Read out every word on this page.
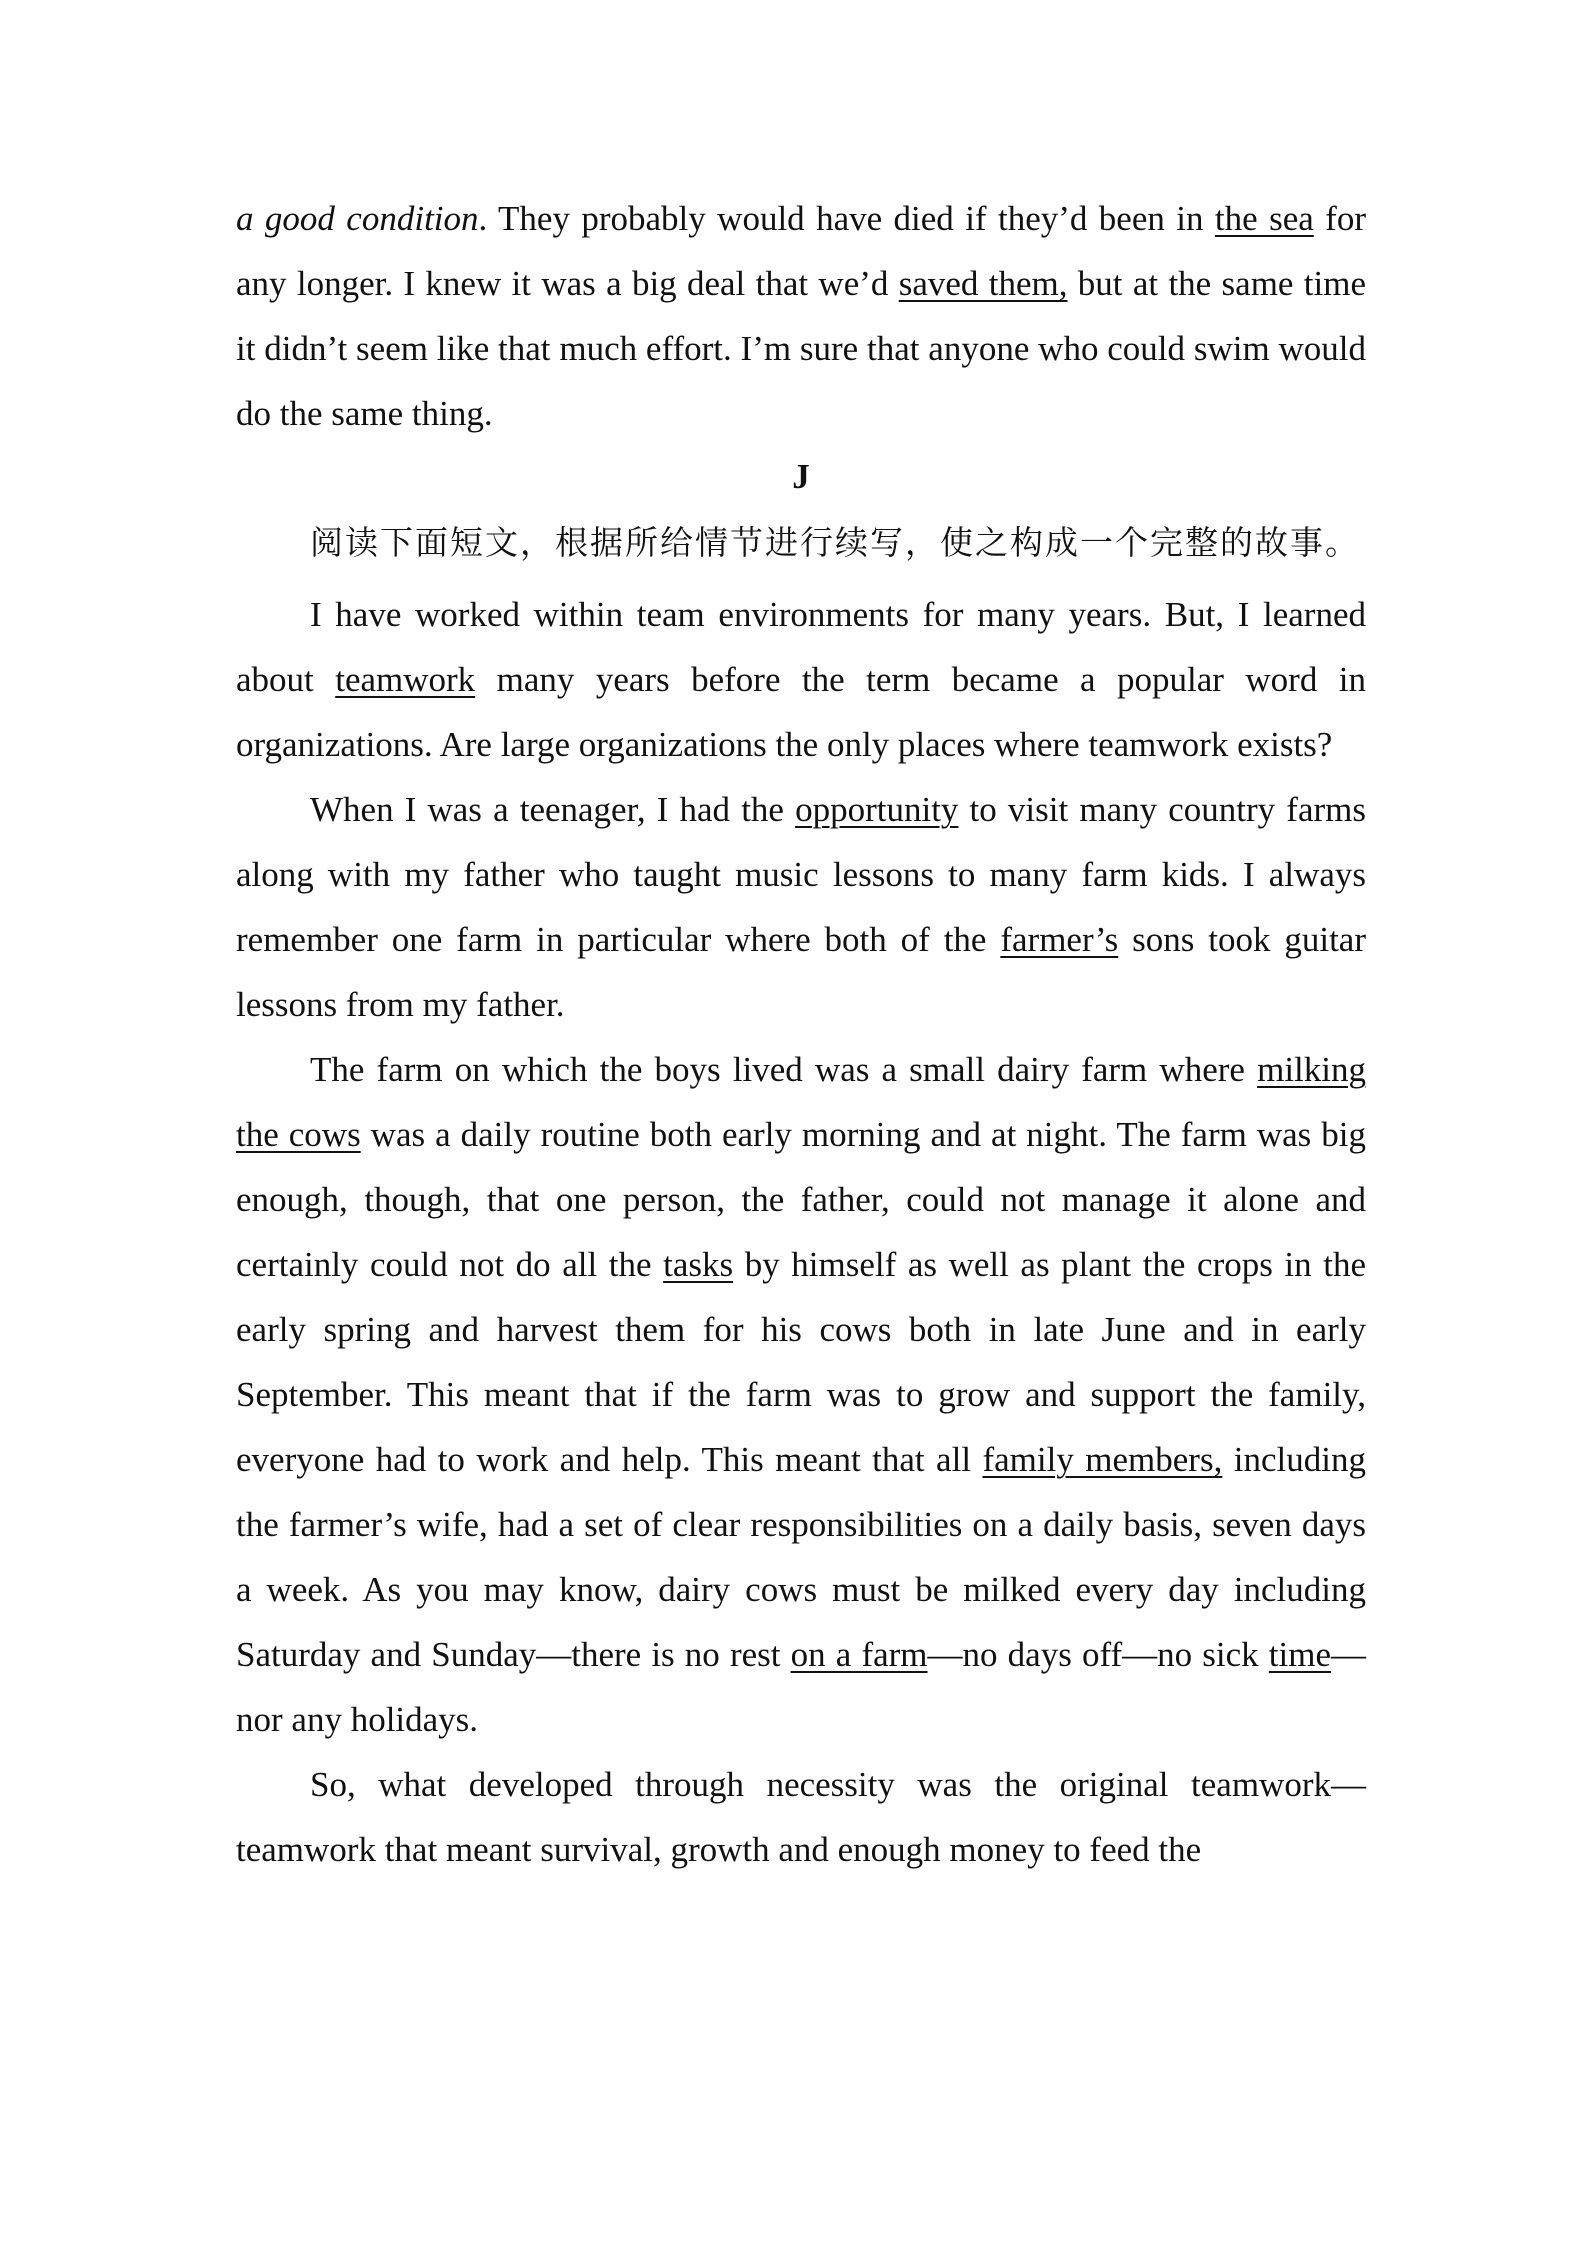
a good condition. They probably would have died if they’d been in the sea for any longer. I knew it was a big deal that we’d saved them, but at the same time it didn’t seem like that much effort. I’m sure that anyone who could swim would do the same thing.

J

阅读下面短文，根据所给情节进行续写，使之构成一个完整的故事。

I have worked within team environments for many years. But, I learned about teamwork many years before the term became a popular word in organizations. Are large organizations the only places where teamwork exists?

When I was a teenager, I had the opportunity to visit many country farms along with my father who taught music lessons to many farm kids. I always remember one farm in particular where both of the farmer’s sons took guitar lessons from my father.

The farm on which the boys lived was a small dairy farm where milking the cows was a daily routine both early morning and at night. The farm was big enough, though, that one person, the father, could not manage it alone and certainly could not do all the tasks by himself as well as plant the crops in the early spring and harvest them for his cows both in late June and in early September. This meant that if the farm was to grow and support the family, everyone had to work and help. This meant that all family members, including the farmer’s wife, had a set of clear responsibilities on a daily basis, seven days a week. As you may know, dairy cows must be milked every day including Saturday and Sunday—there is no rest on a farm—no days off—no sick time—nor any holidays.

So, what developed through necessity was the original teamwork—teamwork that meant survival, growth and enough money to feed the
